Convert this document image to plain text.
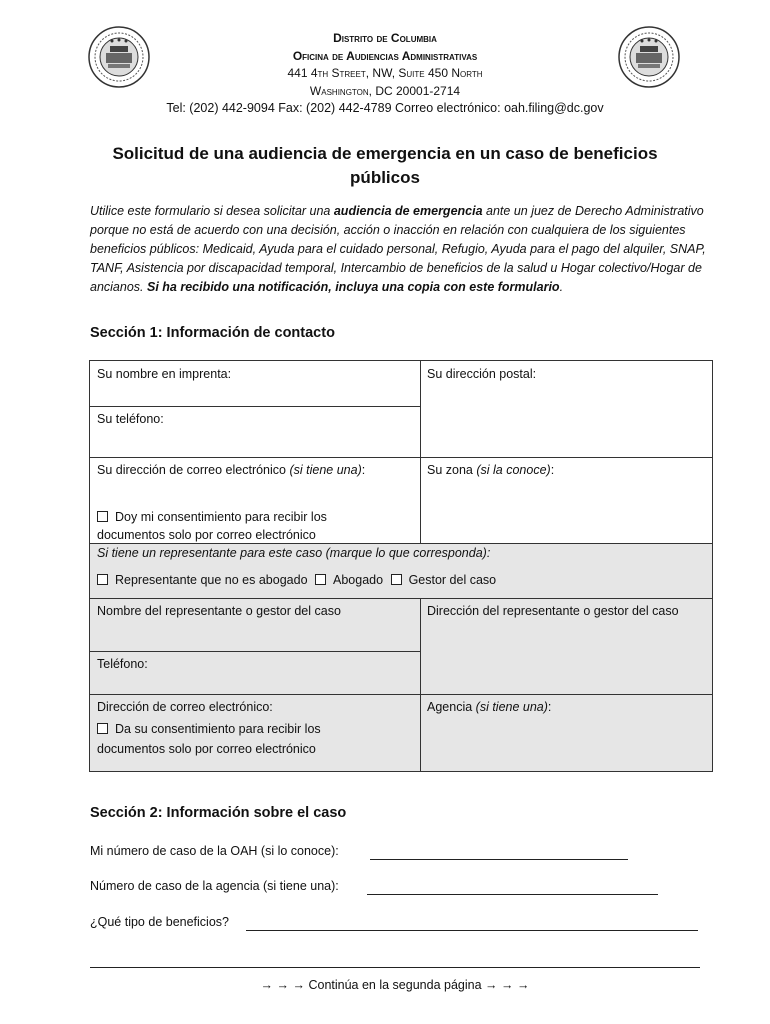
Distrito de Columbia
Oficina de Audiencias Administrativas
441 4th Street, NW, Suite 450 North
Washington, DC 20001-2714
Tel: (202) 442-9094 Fax: (202) 442-4789 Correo electrónico: oah.filing@dc.gov
Solicitud de una audiencia de emergencia en un caso de beneficios
públicos

Utilice este formulario si desea solicitar una audiencia de emergencia ante un juez de Derecho Administrativo porque no está de acuerdo con una decisión, acción o inacción en relación con cualquiera de los siguientes beneficios públicos: Medicaid, Ayuda para el cuidado personal, Refugio, Ayuda para el pago del alquiler, SNAP, TANF, Asistencia por discapacidad temporal, Intercambio de beneficios de la salud u Hogar colectivo/Hogar de ancianos. Si ha recibido una notificación, incluya una copia con este formulario.

Sección 1: Información de contacto
Su nombre en imprenta:	Su dirección postal:
Su teléfono:
Su dirección de correo electrónico (si tiene una):
Doy mi consentimiento para recibir los
documentos solo por correo electrónico
Su zona (si la conoce):
Si tiene un representante para este caso (marque lo que corresponda):
Representante que no es abogado Abogado Gestor del caso
Nombre del representante o gestor del caso	Dirección del representante o gestor del caso
Teléfono:
Dirección de correo electrónico:
Da su consentimiento para recibir los
documentos solo por correo electrónico
Agencia (si tiene una):
Sección 2: Información sobre el caso
Mi número de caso de la OAH (si lo conoce):
Número de caso de la agencia (si tiene una):
¿Qué tipo de beneficios?
→ → → Continúa en la segunda página → → →
